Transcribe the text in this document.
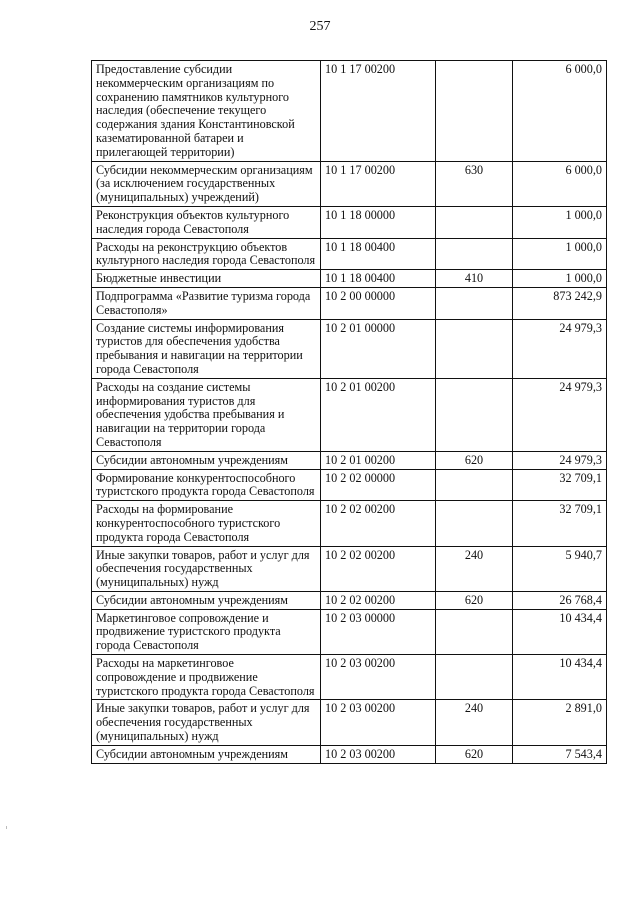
257
Предоставление субсидии некоммерческим организациям по сохранению памятников культурного наследия (обеспечение текущего содержания здания Константиновской казематированной батареи и прилегающей территории)	10 1 17 00200		6 000,0
Субсидии некоммерческим организациям (за исключением государственных (муниципальных) учреждений)	10 1 17 00200	630	6 000,0
Реконструкция объектов культурного наследия города Севастополя	10 1 18 00000		1 000,0
Расходы на реконструкцию объектов культурного наследия города Севастополя	10 1 18 00400		1 000,0
Бюджетные инвестиции	10 1 18 00400	410	1 000,0
Подпрограмма «Развитие туризма города Севастополя»	10 2 00 00000		873 242,9
Создание системы информирования туристов для обеспечения удобства пребывания и навигации на территории города Севастополя	10 2 01 00000		24 979,3
Расходы на создание системы информирования туристов для обеспечения удобства пребывания и навигации на территории города Севастополя	10 2 01 00200		24 979,3
Субсидии автономным учреждениям	10 2 01 00200	620	24 979,3
Формирование конкурентоспособного туристского продукта города Севастополя	10 2 02 00000		32 709,1
Расходы на формирование конкурентоспособного туристского продукта города Севастополя	10 2 02 00200		32 709,1
Иные закупки товаров, работ и услуг для обеспечения государственных (муниципальных) нужд	10 2 02 00200	240	5 940,7
Субсидии автономным учреждениям	10 2 02 00200	620	26 768,4
Маркетинговое сопровождение и продвижение туристского продукта города Севастополя	10 2 03 00000		10 434,4
Расходы на маркетинговое сопровождение и продвижение туристского продукта города Севастополя	10 2 03 00200		10 434,4
Иные закупки товаров, работ и услуг для обеспечения государственных (муниципальных) нужд	10 2 03 00200	240	2 891,0
Субсидии автономным учреждениям	10 2 03 00200	620	7 543,4
